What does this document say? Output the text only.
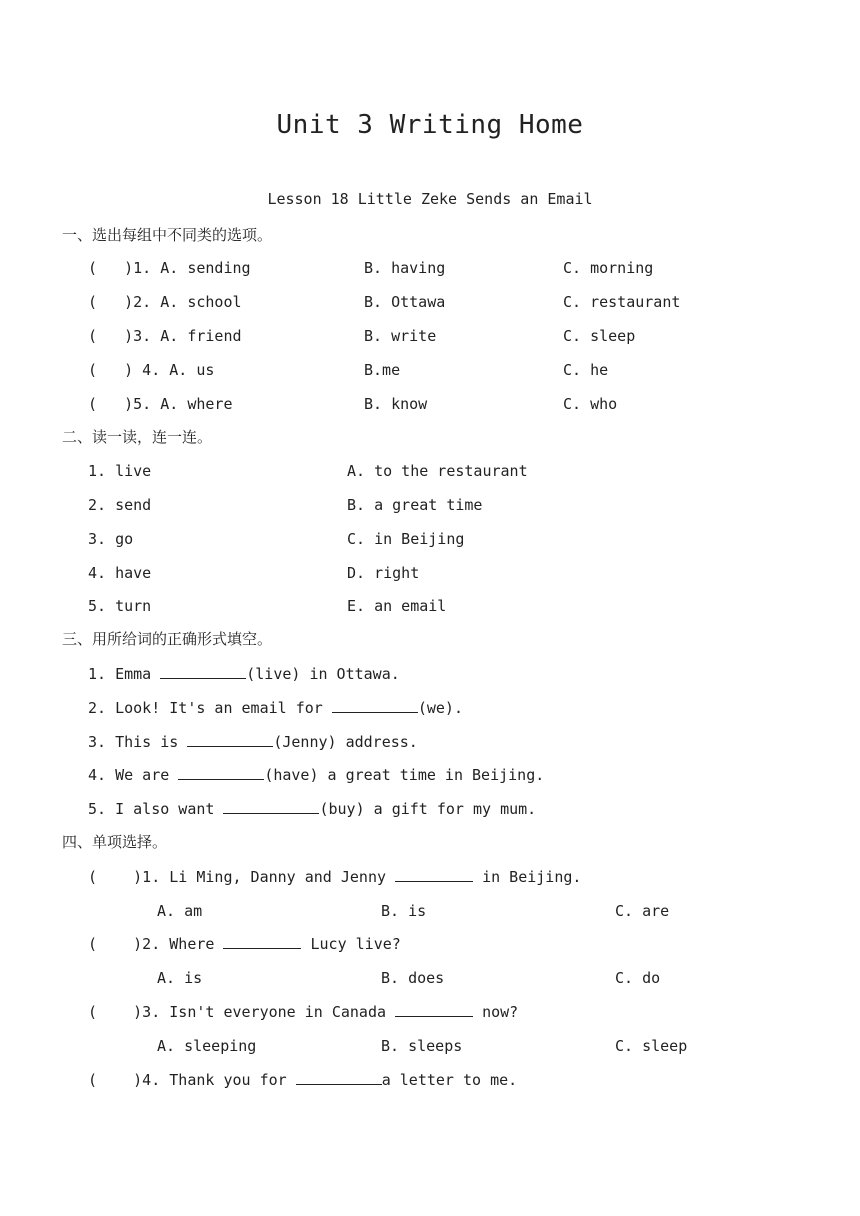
Unit 3 Writing Home
Lesson 18 Little Zeke Sends an Email
一、选出每组中不同类的选项。
(   )1. A. sending	B. having	C. morning
(   )2. A. school	B. Ottawa	C. restaurant
(   )3. A. friend	B. write	C. sleep
(   ) 4. A. us	B.me	C. he
(   )5. A. where	B. know	C. who
二、读一读，连一连。
1. live	A. to the restaurant
2. send	B. a great time
3. go	C. in Beijing
4. have	D. right
5. turn	E. an email
三、用所给词的正确形式填空。
1. Emma	(live) in Ottawa.
2. Look! It's an email for	(we).
3. This is	(Jenny) address.
4. We are	(have) a great time in Beijing.
5. I also want	(buy) a gift for my mum.
四、单项选择。
(    )1. Li Ming, Danny and Jenny	in Beijing.
A. am	B. is	C. are
(    )2. Where	Lucy live?
A. is	B. does	C. do
(    )3. Isn't everyone in Canada	now?
A. sleeping	B. sleeps	C. sleep
(    )4. Thank you for	a letter to me.
